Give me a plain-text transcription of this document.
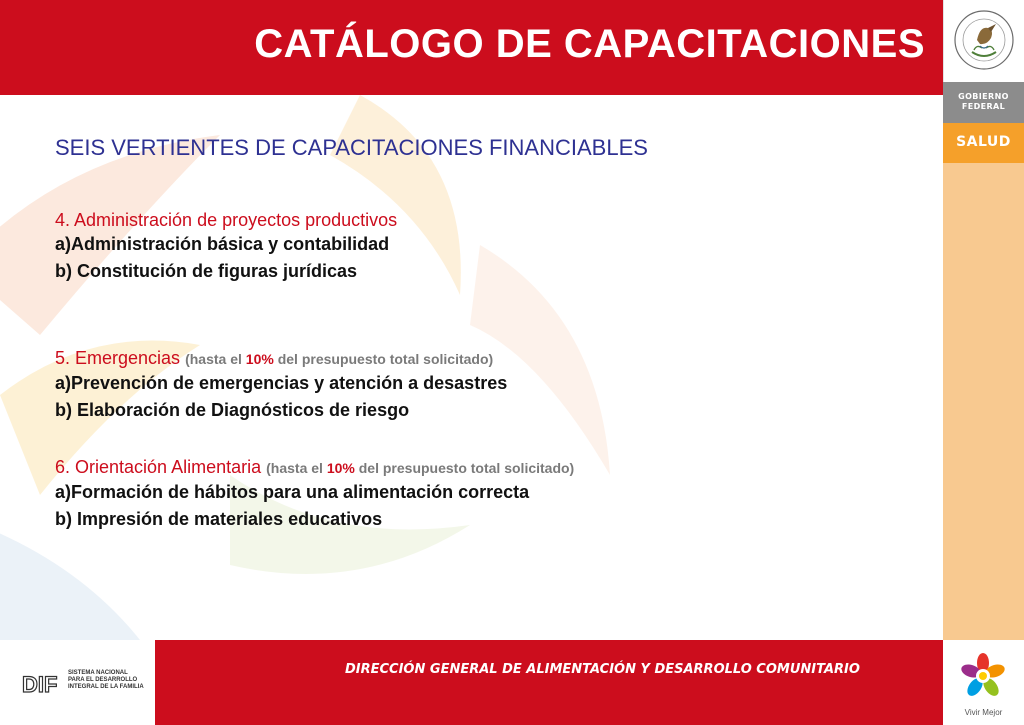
CATÁLOGO DE CAPACITACIONES
GOBIERNO
FEDERAL
SALUD
Vivir Mejor
SEIS VERTIENTES DE CAPACITACIONES FINANCIABLES
4. Administración de proyectos productivos
a)Administración básica y contabilidad
b) Constitución de figuras jurídicas
5. Emergencias (hasta el 10% del presupuesto total solicitado)
a)Prevención de emergencias y atención a desastres
b) Elaboración de Diagnósticos de riesgo
6. Orientación Alimentaria (hasta el 10% del presupuesto total solicitado)
a)Formación de hábitos para una alimentación correcta
b) Impresión de materiales educativos
DIF SISTEMA NACIONAL
PARA EL DESARROLLO
INTEGRAL DE LA FAMILIA
DIRECCIÓN GENERAL DE ALIMENTACIÓN Y DESARROLLO COMUNITARIO
